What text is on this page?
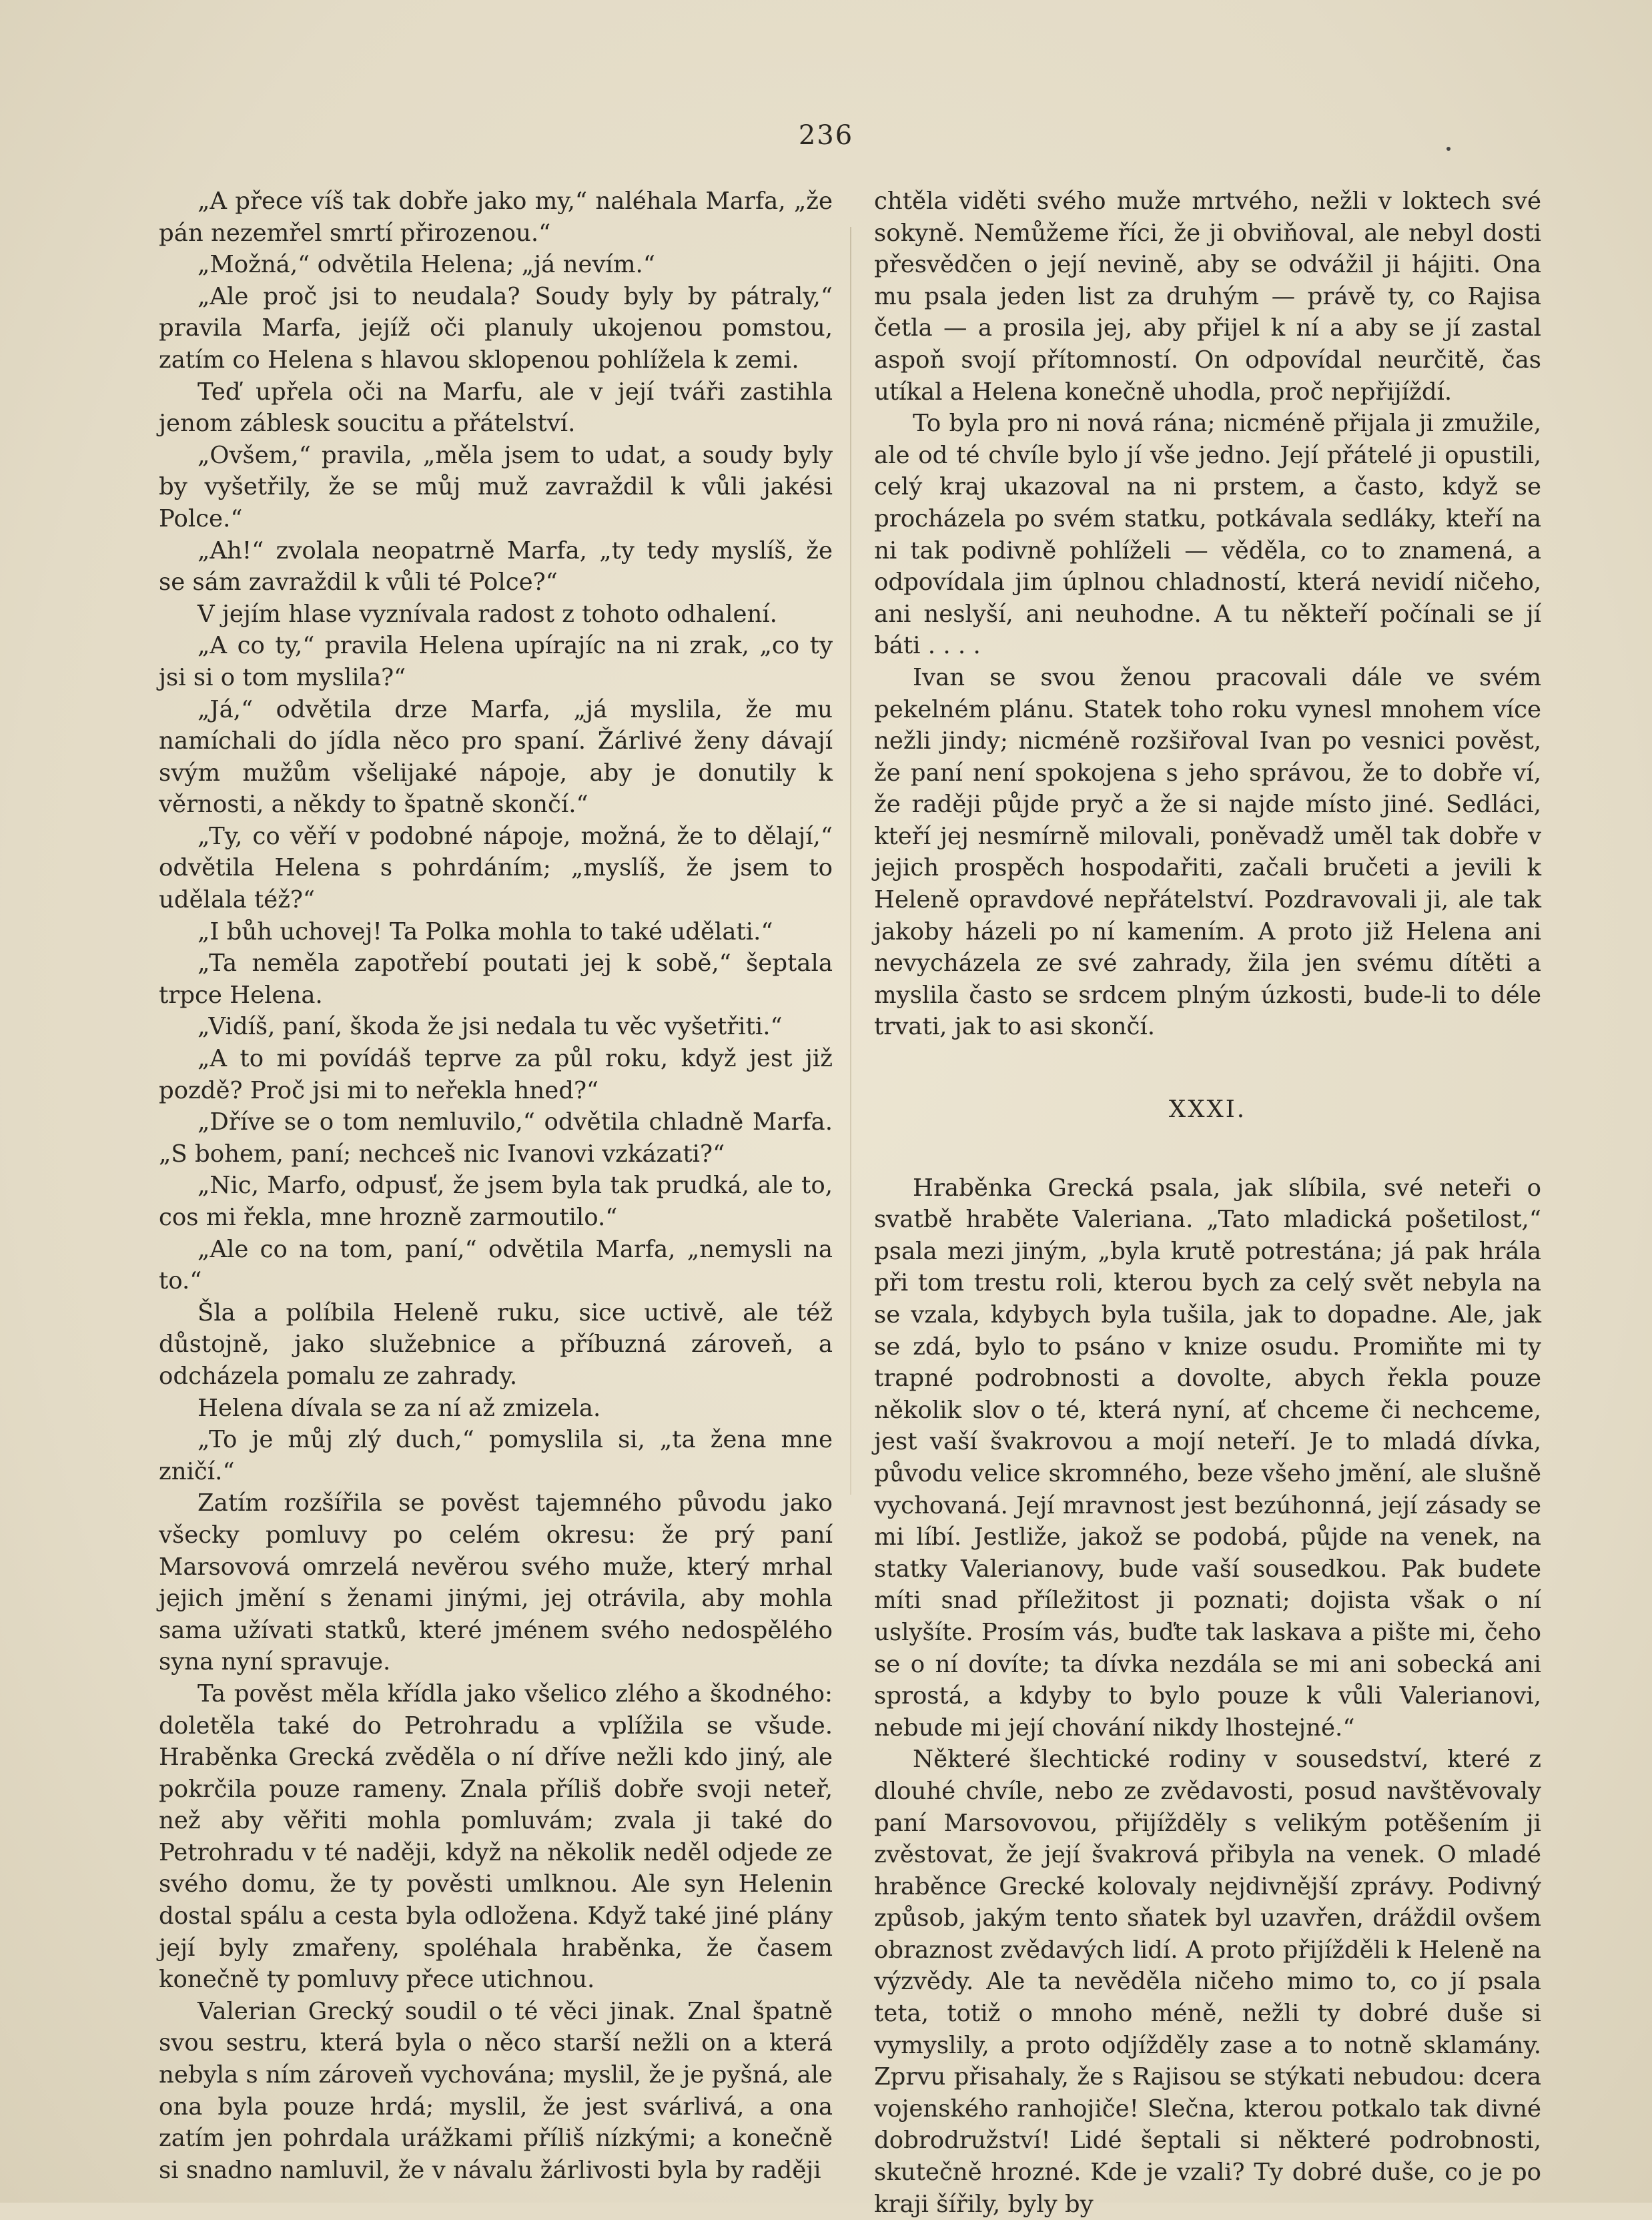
236

„A přece víš tak dobře jako my,“ naléhala Marfa, „že pán nezemřel smrtí přirozenou.“

„Možná,“ odvětila Helena; „já nevím.“

„Ale proč jsi to neudala? Soudy byly by pátraly,“ pravila Marfa, jejíž oči planuly ukojenou pomstou, zatím co Helena s hlavou sklopenou pohlížela k zemi.

Teď upřela oči na Marfu, ale v její tváři zastihla jenom záblesk soucitu a přátelství.

„Ovšem,“ pravila, „měla jsem to udat, a soudy byly by vyšetřily, že se můj muž zavraždil k vůli jakési Polce.“

„Ah!“ zvolala neopatrně Marfa, „ty tedy myslíš, že se sám zavraždil k vůli té Polce?“

V jejím hlase vyznívala radost z tohoto odhalení.

„A co ty,“ pravila Helena upírajíc na ni zrak, „co ty jsi si o tom myslila?“

„Já,“ odvětila drze Marfa, „já myslila, že mu namíchali do jídla něco pro spaní. Žárlivé ženy dávají svým mužům všelijaké nápoje, aby je donutily k věrnosti, a někdy to špatně skončí.“

„Ty, co věří v podobné nápoje, možná, že to dělají,“ odvětila Helena s pohrdáním; „myslíš, že jsem to udělala též?“

„I bůh uchovej! Ta Polka mohla to také udělati.“

„Ta neměla zapotřebí poutati jej k sobě,“ šeptala trpce Helena.

„Vidíš, paní, škoda že jsi nedala tu věc vyšetřiti.“

„A to mi povídáš teprve za půl roku, když jest již pozdě? Proč jsi mi to neřekla hned?“

„Dříve se o tom nemluvilo,“ odvětila chladně Marfa. „S bohem, paní; nechceš nic Ivanovi vzkázati?“

„Nic, Marfo, odpusť, že jsem byla tak prudká, ale to, cos mi řekla, mne hrozně zarmoutilo.“

„Ale co na tom, paní,“ odvětila Marfa, „nemysli na to.“

Šla a políbila Heleně ruku, sice uctivě, ale též důstojně, jako služebnice a příbuzná zároveň, a odcházela pomalu ze zahrady.

Helena dívala se za ní až zmizela.

„To je můj zlý duch,“ pomyslila si, „ta žena mne zničí.“

Zatím rozšířila se pověst tajemného původu jako všecky pomluvy po celém okresu: že prý paní Marsovová omrzelá nevěrou svého muže, který mrhal jejich jmění s ženami jinými, jej otrávila, aby mohla sama užívati statků, které jménem svého nedospělého syna nyní spravuje.

Ta pověst měla křídla jako všelico zlého a škodného: doletěla také do Petrohradu a vplížila se všude. Hraběnka Grecká zvěděla o ní dříve nežli kdo jiný, ale pokrčila pouze rameny. Znala příliš dobře svoji neteř, než aby věřiti mohla pomluvám; zvala ji také do Petrohradu v té naději, když na několik neděl odjede ze svého domu, že ty pověsti umlknou. Ale syn Helenin dostal spálu a cesta byla odložena. Když také jiné plány její byly zmařeny, spoléhala hraběnka, že časem konečně ty pomluvy přece utichnou.

Valerian Grecký soudil o té věci jinak. Znal špatně svou sestru, která byla o něco starší nežli on a která nebyla s ním zároveň vychována; myslil, že je pyšná, ale ona byla pouze hrdá; myslil, že jest svárlivá, a ona zatím jen pohrdala urážkami příliš nízkými; a konečně si snadno namluvil, že v návalu žárlivosti byla by raději

chtěla viděti svého muže mrtvého, nežli v loktech své sokyně. Nemůžeme říci, že ji obviňoval, ale nebyl dosti přesvědčen o její nevině, aby se odvážil ji hájiti. Ona mu psala jeden list za druhým — právě ty, co Rajisa četla — a prosila jej, aby přijel k ní a aby se jí zastal aspoň svojí přítomností. On odpovídal neurčitě, čas utíkal a Helena konečně uhodla, proč nepřijíždí.

To byla pro ni nová rána; nicméně přijala ji zmužile, ale od té chvíle bylo jí vše jedno. Její přátelé ji opustili, celý kraj ukazoval na ni prstem, a často, když se procházela po svém statku, potkávala sedláky, kteří na ni tak podivně pohlíželi — věděla, co to znamená, a odpovídala jim úplnou chladností, která nevidí ničeho, ani neslyší, ani neuhodne. A tu někteří počínali se jí báti . . . .

Ivan se svou ženou pracovali dále ve svém pekelném plánu. Statek toho roku vynesl mnohem více nežli jindy; nicméně rozšiřoval Ivan po vesnici pověst, že paní není spokojena s jeho správou, že to dobře ví, že raději půjde pryč a že si najde místo jiné. Sedláci, kteří jej nesmírně milovali, poněvadž uměl tak dobře v jejich prospěch hospodařiti, začali bručeti a jevili k Heleně opravdové nepřátelství. Pozdravovali ji, ale tak jakoby házeli po ní kamením. A proto již Helena ani nevycházela ze své zahrady, žila jen svému dítěti a myslila často se srdcem plným úzkosti, bude-li to déle trvati, jak to asi skončí.

XXXI.

Hraběnka Grecká psala, jak slíbila, své neteři o svatbě hraběte Valeriana. „Tato mladická pošetilost,“ psala mezi jiným, „byla krutě potrestána; já pak hrála při tom trestu roli, kterou bych za celý svět nebyla na se vzala, kdybych byla tušila, jak to dopadne. Ale, jak se zdá, bylo to psáno v knize osudu. Promiňte mi ty trapné podrobnosti a dovolte, abych řekla pouze několik slov o té, která nyní, ať chceme či nechceme, jest vaší švakrovou a mojí neteří. Je to mladá dívka, původu velice skromného, beze všeho jmění, ale slušně vychovaná. Její mravnost jest bezúhonná, její zásady se mi líbí. Jestliže, jakož se podobá, půjde na venek, na statky Valerianovy, bude vaší sousedkou. Pak budete míti snad příležitost ji poznati; dojista však o ní uslyšíte. Prosím vás, buďte tak laskava a pište mi, čeho se o ní dovíte; ta dívka nezdála se mi ani sobecká ani sprostá, a kdyby to bylo pouze k vůli Valerianovi, nebude mi její chování nikdy lhostejné.“

Některé šlechtické rodiny v sousedství, které z dlouhé chvíle, nebo ze zvědavosti, posud navštěvovaly paní Marsovovou, přijížděly s velikým potěšením ji zvěstovat, že její švakrová přibyla na venek. O mladé hraběnce Grecké kolovaly nejdivnější zprávy. Podivný způsob, jakým tento sňatek byl uzavřen, dráždil ovšem obraznost zvědavých lidí. A proto přijížděli k Heleně na výzvědy. Ale ta nevěděla ničeho mimo to, co jí psala teta, totiž o mnoho méně, nežli ty dobré duše si vymyslily, a proto odjížděly zase a to notně sklamány. Zprvu přisahaly, že s Rajisou se stýkati nebudou: dcera vojenského ranhojiče! Slečna, kterou potkalo tak divné dobrodružství! Lidé šeptali si některé podrobnosti, skutečně hrozné. Kde je vzali? Ty dobré duše, co je po kraji šířily, byly by
